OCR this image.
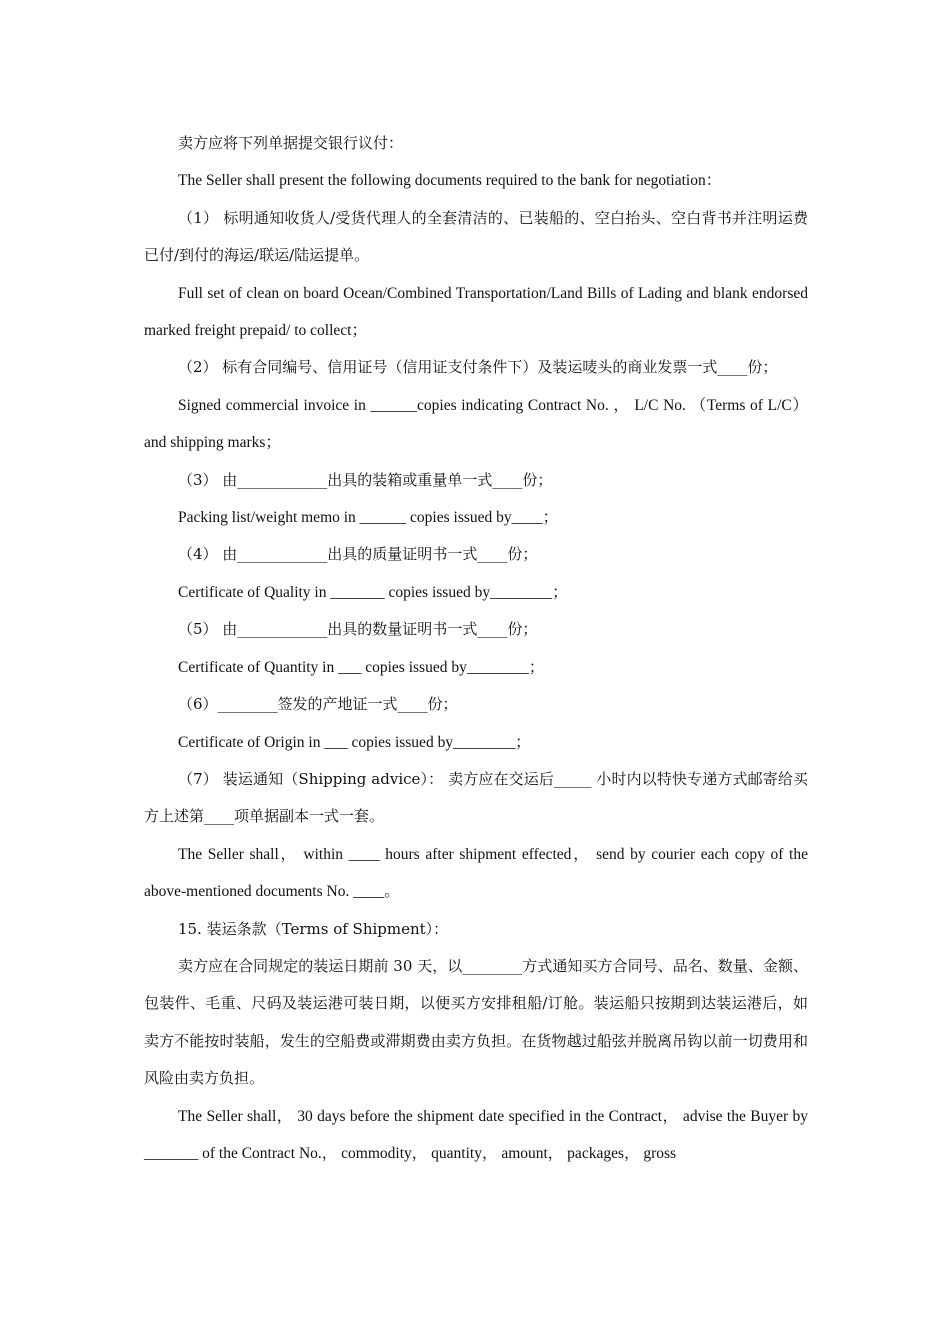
卖方应将下列单据提交银行议付：

The Seller shall present the following documents required to the bank for negotiation：

（1） 标明通知收货人/受货代理人的全套清洁的、已装船的、空白抬头、空白背书并注明运费已付/到付的海运/联运/陆运提单。

Full set of clean on board Ocean/Combined Transportation/Land Bills of Lading and blank endorsed marked freight prepaid/ to collect；

（2） 标有合同编号、信用证号（信用证支付条件下）及装运唛头的商业发票一式____份；

Signed commercial invoice in ______copies indicating Contract No. ， L/C No. （Terms of L/C） and shipping marks；

（3） 由____________出具的装箱或重量单一式____份；

Packing list/weight memo in ______ copies issued by____；

（4） 由____________出具的质量证明书一式____份；

Certificate of Quality in _______ copies issued by________；

（5） 由____________出具的数量证明书一式____份；

Certificate of Quantity in ___ copies issued by________；

（6）________签发的产地证一式____份；

Certificate of Origin in ___ copies issued by________；

（7） 装运通知（Shipping advice）： 卖方应在交运后_____ 小时内以特快专递方式邮寄给买方上述第____项单据副本一式一套。

The Seller shall， within ____ hours after shipment effected， send by courier each copy of the above-mentioned documents No. ____。

15. 装运条款（Terms of Shipment）：

卖方应在合同规定的装运日期前 30 天，以________方式通知买方合同号、品名、数量、金额、包装件、毛重、尺码及装运港可装日期，以便买方安排租船/订舱。装运船只按期到达装运港后，如卖方不能按时装船，发生的空船费或滞期费由卖方负担。在货物越过船弦并脱离吊钩以前一切费用和风险由卖方负担。

The Seller shall， 30 days before the shipment date specified in the Contract， advise the Buyer by _______ of the Contract No.， commodity， quantity， amount， packages， gross
